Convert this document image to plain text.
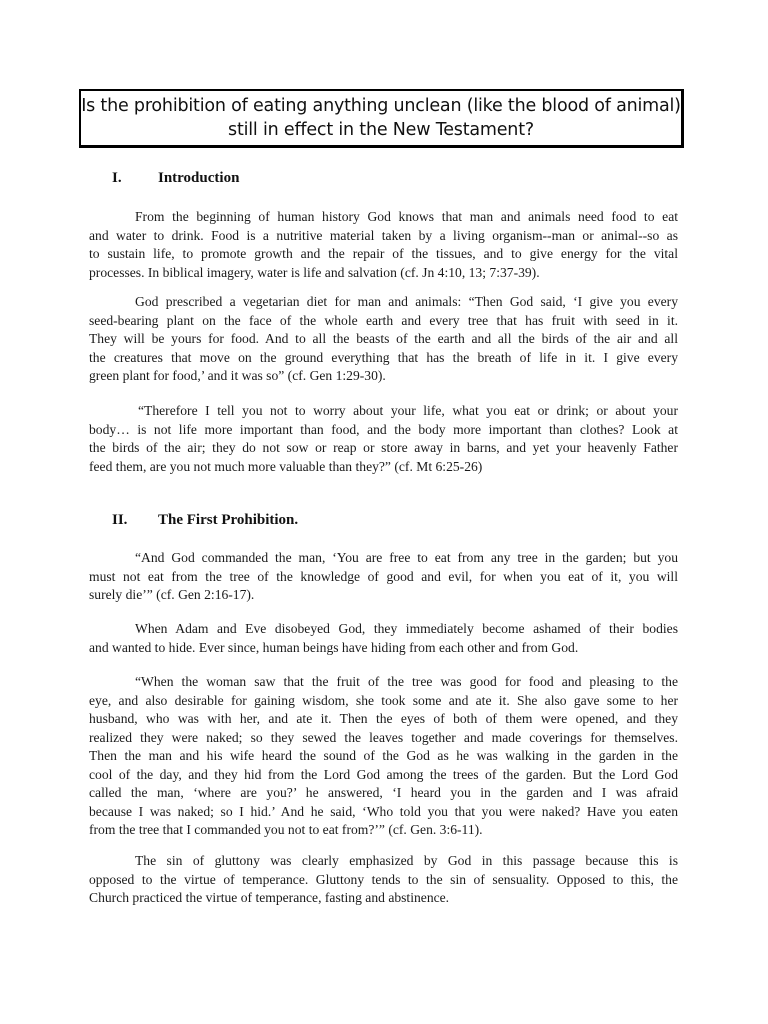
Is the prohibition of eating anything unclean (like the blood of animal)
still in effect in the New Testament?
I. Introduction
From the beginning of human history God knows that man and animals need food to eat
and water to drink. Food is a nutritive material taken by a living organism--man or animal--so as
to sustain life, to promote growth and the repair of the tissues, and to give energy for the vital
processes. In biblical imagery, water is life and salvation (cf. Jn 4:10, 13; 7:37-39).
God prescribed a vegetarian diet for man and animals: “Then God said, ‘I give you every
seed-bearing plant on the face of the whole earth and every tree that has fruit with seed in it.
They will be yours for food. And to all the beasts of the earth and all the birds of the air and all
the creatures that move on the ground everything that has the breath of life in it. I give every
green plant for food,’ and it was so” (cf. Gen 1:29-30).
“Therefore I tell you not to worry about your life, what you eat or drink; or about your
body… is not life more important than food, and the body more important than clothes? Look at
the birds of the air; they do not sow or reap or store away in barns, and yet your heavenly Father
feed them, are you not much more valuable than they?” (cf. Mt 6:25-26)
II. The First Prohibition.
“And God commanded the man, ‘You are free to eat from any tree in the garden; but you
must not eat from the tree of the knowledge of good and evil, for when you eat of it, you will
surely die’” (cf. Gen 2:16-17).
When Adam and Eve disobeyed God, they immediately become ashamed of their bodies
and wanted to hide. Ever since, human beings have hiding from each other and from God.
“When the woman saw that the fruit of the tree was good for food and pleasing to the
eye, and also desirable for gaining wisdom, she took some and ate it. She also gave some to her
husband, who was with her, and ate it. Then the eyes of both of them were opened, and they
realized they were naked; so they sewed the leaves together and made coverings for themselves.
Then the man and his wife heard the sound of the God as he was walking in the garden in the
cool of the day, and they hid from the Lord God among the trees of the garden. But the Lord God
called the man, ‘where are you?’ he answered, ‘I heard you in the garden and I was afraid
because I was naked; so I hid.’ And he said, ‘Who told you that you were naked? Have you eaten
from the tree that I commanded you not to eat from?’” (cf. Gen. 3:6-11).
The sin of gluttony was clearly emphasized by God in this passage because this is
opposed to the virtue of temperance. Gluttony tends to the sin of sensuality. Opposed to this, the
Church practiced the virtue of temperance, fasting and abstinence.
